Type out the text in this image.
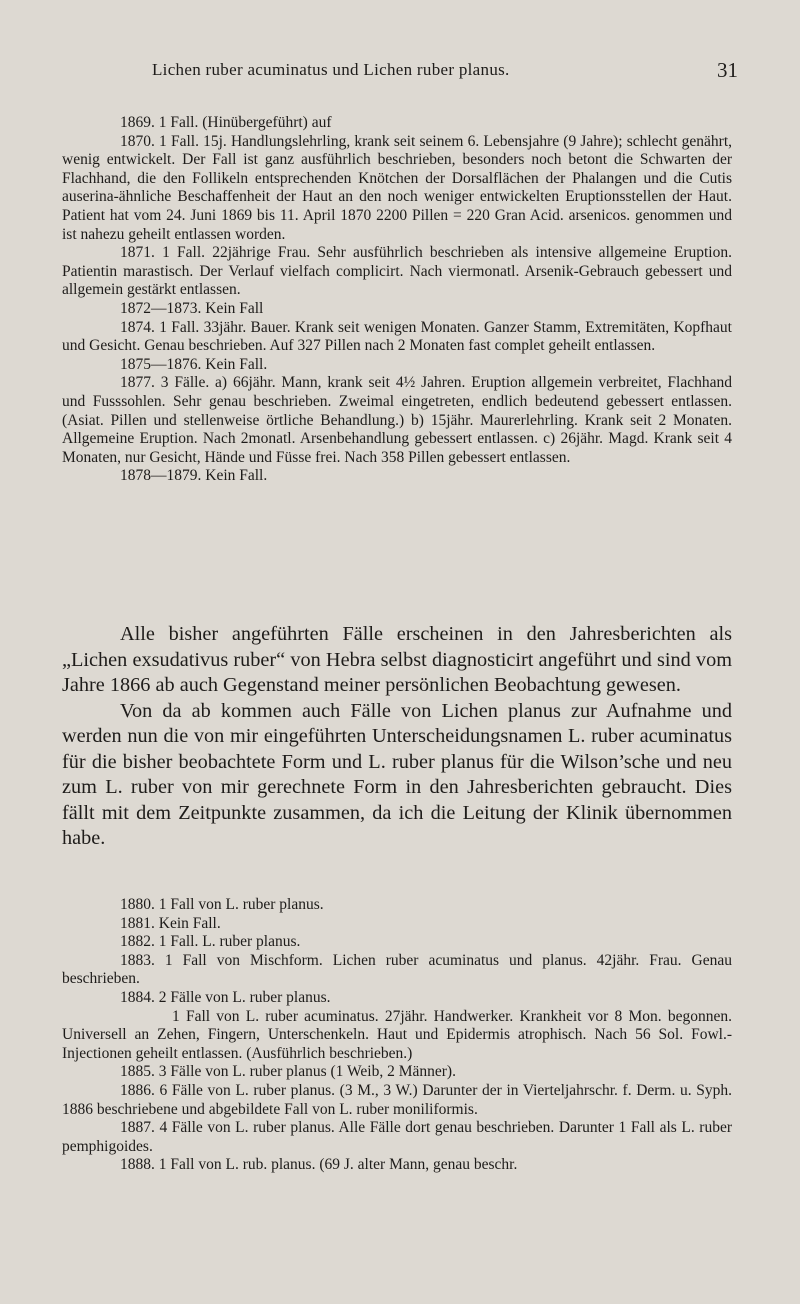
Lichen ruber acuminatus und Lichen ruber planus.	31

1869. 1 Fall. (Hinübergeführt) auf

1870. 1 Fall. 15j. Handlungslehrling, krank seit seinem 6. Lebensjahre (9 Jahre); schlecht genährt, wenig entwickelt. Der Fall ist ganz ausführlich beschrieben, besonders noch betont die Schwarten der Flachhand, die den Follikeln entsprechenden Knötchen der Dorsalflächen der Phalangen und die Cutis auserina-ähnliche Beschaffenheit der Haut an den noch weniger entwickelten Eruptionsstellen der Haut. Patient hat vom 24. Juni 1869 bis 11. April 1870 2200 Pillen = 220 Gran Acid. arsenicos. genommen und ist nahezu geheilt entlassen worden.

1871. 1 Fall. 22jährige Frau. Sehr ausführlich beschrieben als intensive allgemeine Eruption. Patientin marastisch. Der Verlauf vielfach complicirt. Nach viermonatl. Arsenik-Gebrauch gebessert und allgemein gestärkt entlassen.

1872—1873. Kein Fall

1874. 1 Fall. 33jähr. Bauer. Krank seit wenigen Monaten. Ganzer Stamm, Extremitäten, Kopfhaut und Gesicht. Genau beschrieben. Auf 327 Pillen nach 2 Monaten fast complet geheilt entlassen.

1875—1876. Kein Fall.

1877. 3 Fälle. a) 66jähr. Mann, krank seit 4½ Jahren. Eruption allgemein verbreitet, Flachhand und Fusssohlen. Sehr genau beschrieben. Zweimal eingetreten, endlich bedeutend gebessert entlassen. (Asiat. Pillen und stellenweise örtliche Behandlung.) b) 15jähr. Maurerlehrling. Krank seit 2 Monaten. Allgemeine Eruption. Nach 2monatl. Arsenbehandlung gebessert entlassen. c) 26jähr. Magd. Krank seit 4 Monaten, nur Gesicht, Hände und Füsse frei. Nach 358 Pillen gebessert entlassen.

1878—1879. Kein Fall.

Alle bisher angeführten Fälle erscheinen in den Jahresberichten als „Lichen exsudativus ruber“ von Hebra selbst diagnosticirt angeführt und sind vom Jahre 1866 ab auch Gegenstand meiner persönlichen Beobachtung gewesen.

Von da ab kommen auch Fälle von Lichen planus zur Aufnahme und werden nun die von mir eingeführten Unterscheidungsnamen L. ruber acuminatus für die bisher beobachtete Form und L. ruber planus für die Wilson’sche und neu zum L. ruber von mir gerechnete Form in den Jahresberichten gebraucht. Dies fällt mit dem Zeitpunkte zusammen, da ich die Leitung der Klinik übernommen habe.

1880. 1 Fall von L. ruber planus.

1881. Kein Fall.

1882. 1 Fall. L. ruber planus.

1883. 1 Fall von Mischform. Lichen ruber acuminatus und planus. 42jähr. Frau. Genau beschrieben.

1884. 2 Fälle von L. ruber planus.

1 Fall von L. ruber acuminatus. 27jähr. Handwerker. Krankheit vor 8 Mon. begonnen. Universell an Zehen, Fingern, Unterschenkeln. Haut und Epidermis atrophisch. Nach 56 Sol. Fowl.-Injectionen geheilt entlassen. (Ausführlich beschrieben.)

1885. 3 Fälle von L. ruber planus (1 Weib, 2 Männer).

1886. 6 Fälle von L. ruber planus. (3 M., 3 W.) Darunter der in Vierteljahrschr. f. Derm. u. Syph. 1886 beschriebene und abgebildete Fall von L. ruber moniliformis.

1887. 4 Fälle von L. ruber planus. Alle Fälle dort genau beschrieben. Darunter 1 Fall als L. ruber pemphigoides.

1888. 1 Fall von L. rub. planus. (69 J. alter Mann, genau beschr.
